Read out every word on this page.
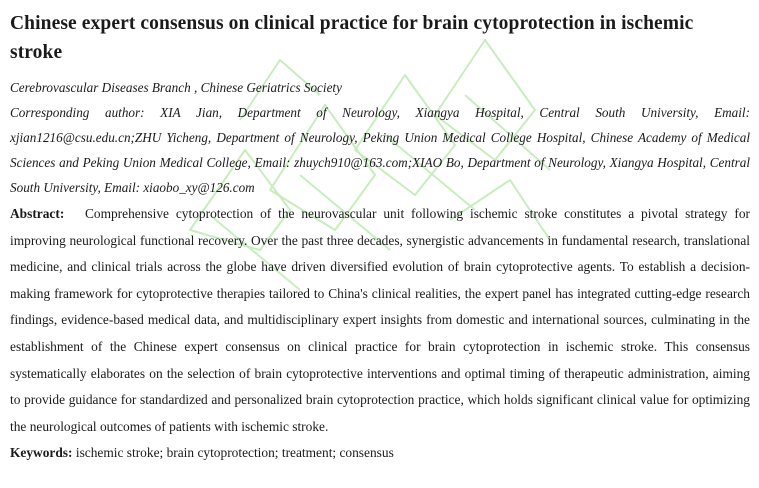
Chinese expert consensus on clinical practice for brain cytoprotection in ischemic stroke
Cerebrovascular Diseases Branch , Chinese Geriatrics Society
Corresponding author: XIA Jian, Department of Neurology, Xiangya Hospital, Central South University, Email: xjian1216@csu.edu.cn;ZHU Yicheng, Department of Neurology, Peking Union Medical College Hospital, Chinese Academy of Medical Sciences and Peking Union Medical College, Email: zhuych910@163.com;XIAO Bo, Department of Neurology, Xiangya Hospital, Central South University, Email: xiaobo_xy@126.com
Abstract: Comprehensive cytoprotection of the neurovascular unit following ischemic stroke constitutes a pivotal strategy for improving neurological functional recovery. Over the past three decades, synergistic advancements in fundamental research, translational medicine, and clinical trials across the globe have driven diversified evolution of brain cytoprotective agents. To establish a decision-making framework for cytoprotective therapies tailored to China's clinical realities, the expert panel has integrated cutting-edge research findings, evidence-based medical data, and multidisciplinary expert insights from domestic and international sources, culminating in the establishment of the Chinese expert consensus on clinical practice for brain cytoprotection in ischemic stroke. This consensus systematically elaborates on the selection of brain cytoprotective interventions and optimal timing of therapeutic administration, aiming to provide guidance for standardized and personalized brain cytoprotection practice, which holds significant clinical value for optimizing the neurological outcomes of patients with ischemic stroke.
Keywords: ischemic stroke; brain cytoprotection; treatment; consensus
